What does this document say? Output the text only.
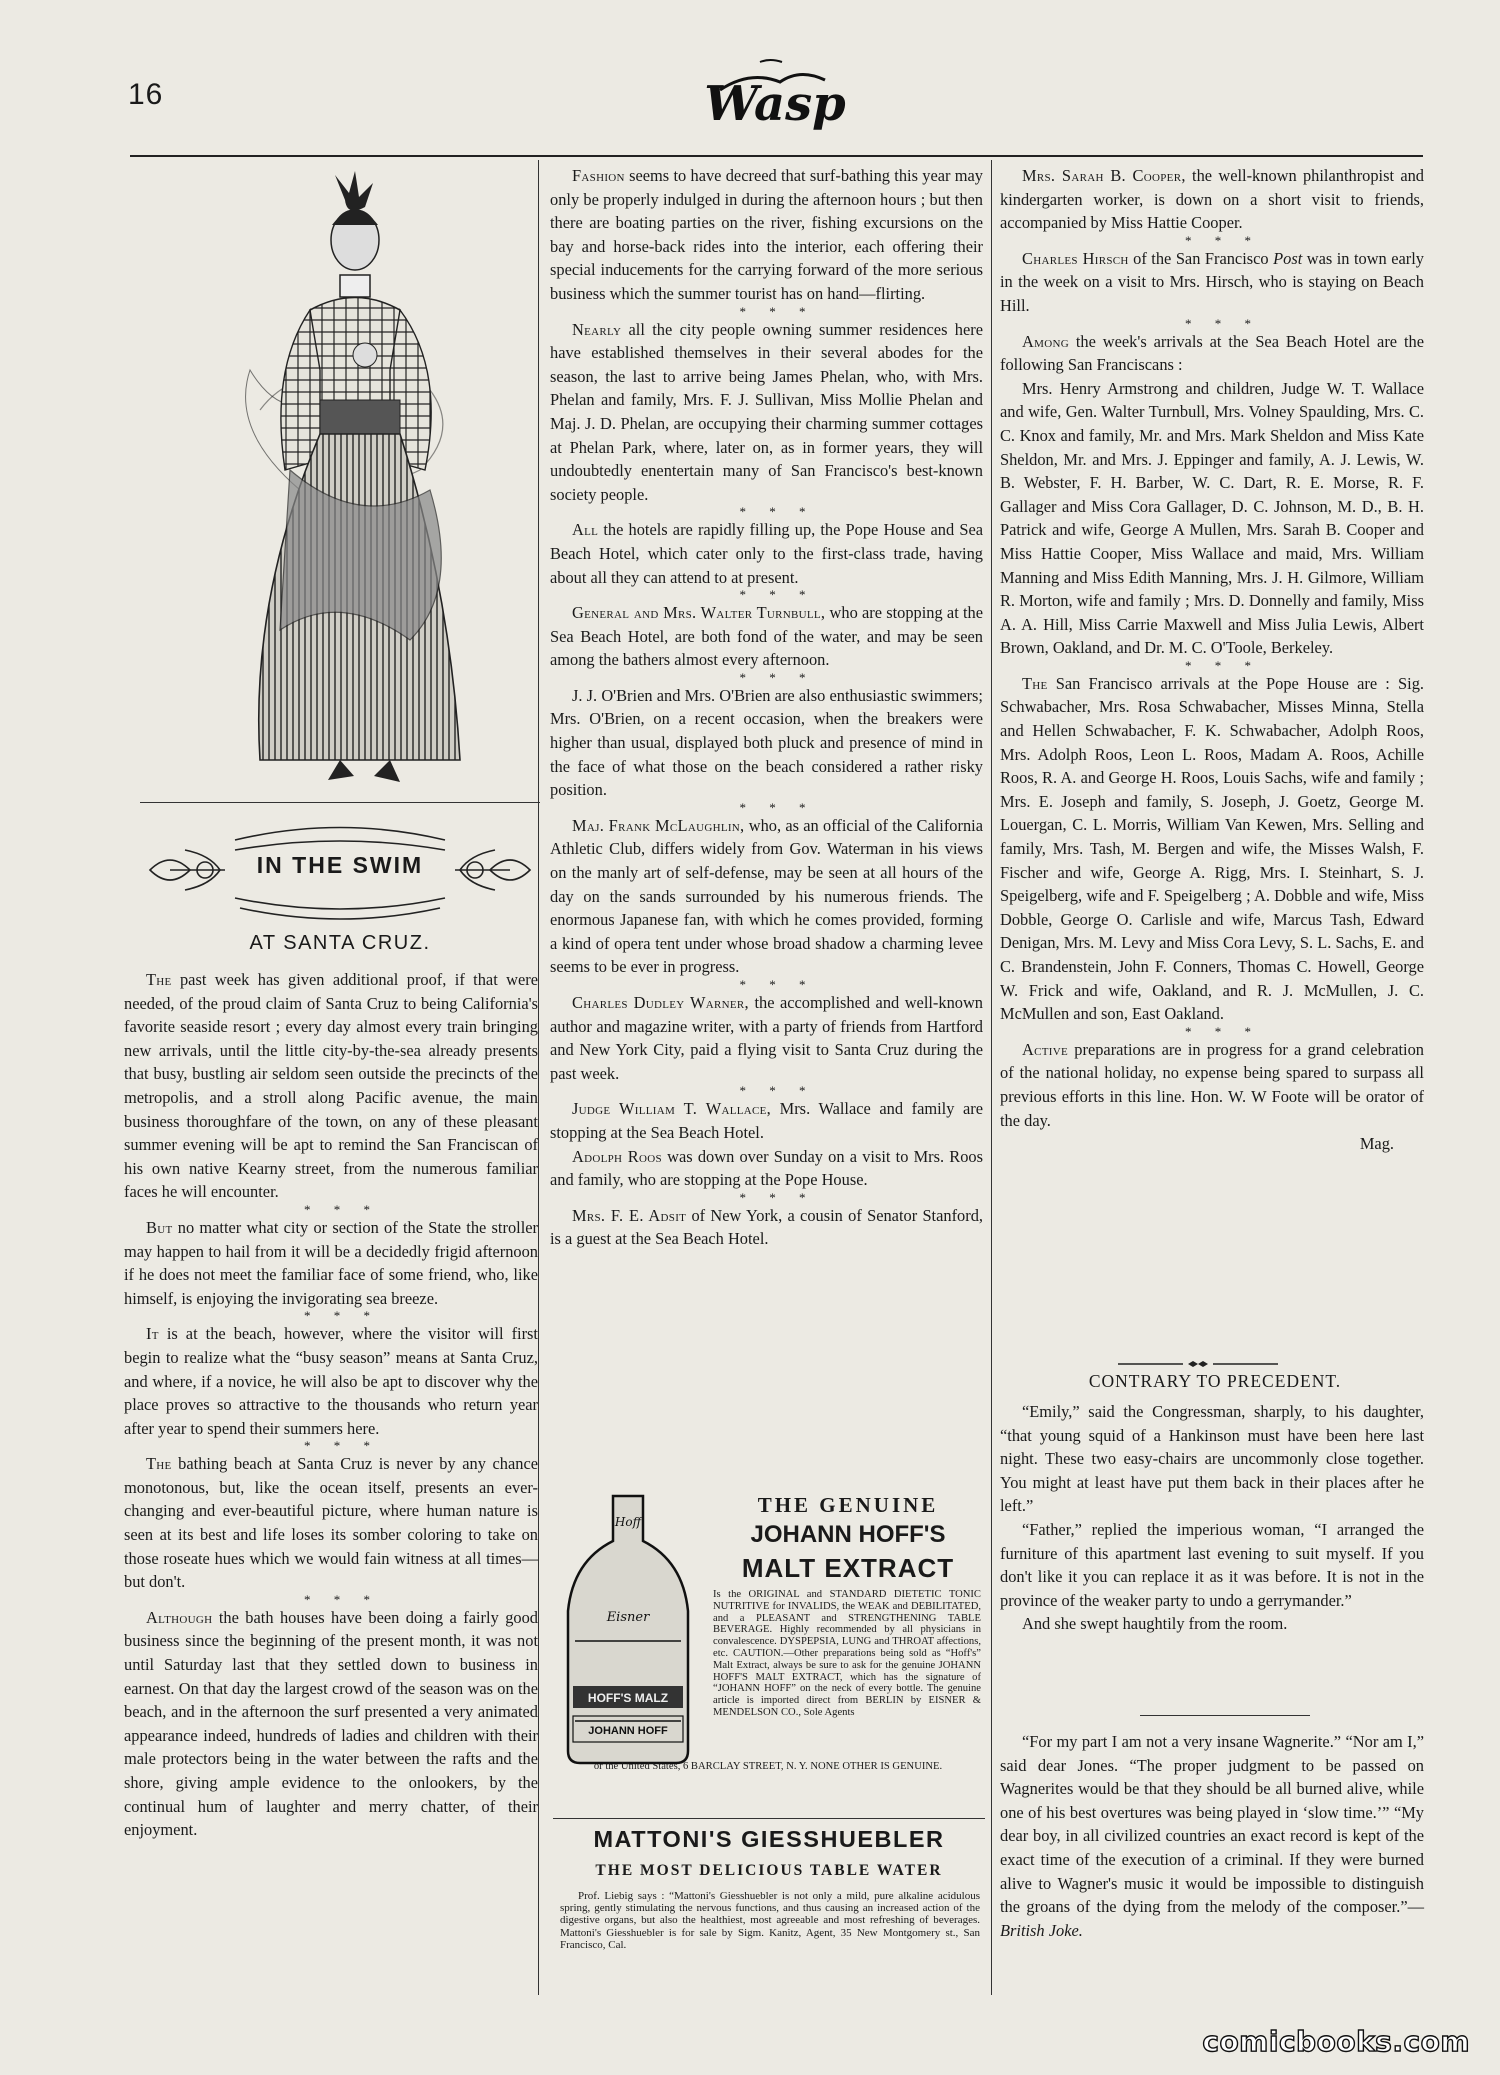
16	Wasp
IN THE SWIM
AT SANTA CRUZ.

The past week has given additional proof, if that were needed, of the proud claim of Santa Cruz to being California's favorite seaside resort ; every day almost every train bringing new arrivals, until the little city-by-the-sea already presents that busy, bustling air seldom seen outside the precincts of the metropolis, and a stroll along Pacific avenue, the main business thoroughfare of the town, on any of these pleasant summer evening will be apt to remind the San Franciscan of his own native Kearny street, from the numerous familiar faces he will encounter.

* * *

But no matter what city or section of the State the stroller may happen to hail from it will be a decidedly frigid afternoon if he does not meet the familiar face of some friend, who, like himself, is enjoying the invigorating sea breeze.

* * *

It is at the beach, however, where the visitor will first begin to realize what the “busy season” means at Santa Cruz, and where, if a novice, he will also be apt to discover why the place proves so attractive to the thousands who return year after year to spend their summers here.

* * *

The bathing beach at Santa Cruz is never by any chance monotonous, but, like the ocean itself, presents an ever-changing and ever-beautiful picture, where human nature is seen at its best and life loses its somber coloring to take on those roseate hues which we would fain witness at all times—but don't.

* * *

Although the bath houses have been doing a fairly good business since the beginning of the present month, it was not until Saturday last that they settled down to business in earnest. On that day the largest crowd of the season was on the beach, and in the afternoon the surf presented a very animated appearance indeed, hundreds of ladies and children with their male protectors being in the water between the rafts and the shore, giving ample evidence to the onlookers, by the continual hum of laughter and merry chatter, of their enjoyment.

Fashion seems to have decreed that surf-bathing this year may only be properly indulged in during the afternoon hours ; but then there are boating parties on the river, fishing excursions on the bay and horse-back rides into the interior, each offering their special inducements for the carrying forward of the more serious business which the summer tourist has on hand—flirting.

* * *

Nearly all the city people owning summer residences here have established themselves in their several abodes for the season, the last to arrive being James Phelan, who, with Mrs. Phelan and family, Mrs. F. J. Sullivan, Miss Mollie Phelan and Maj. J. D. Phelan, are occupying their charming summer cottages at Phelan Park, where, later on, as in former years, they will undoubtedly enentertain many of San Francisco's best-known society people.

* * *

All the hotels are rapidly filling up, the Pope House and Sea Beach Hotel, which cater only to the first-class trade, having about all they can attend to at present.

* * *

General and Mrs. Walter Turnbull, who are stopping at the Sea Beach Hotel, are both fond of the water, and may be seen among the bathers almost every afternoon.

* * *

J. J. O'Brien and Mrs. O'Brien are also enthusiastic swimmers; Mrs. O'Brien, on a recent occasion, when the breakers were higher than usual, displayed both pluck and presence of mind in the face of what those on the beach considered a rather risky position.

* * *

Maj. Frank McLaughlin, who, as an official of the California Athletic Club, differs widely from Gov. Waterman in his views on the manly art of self-defense, may be seen at all hours of the day on the sands surrounded by his numerous friends. The enormous Japanese fan, with which he comes provided, forming a kind of opera tent under whose broad shadow a charming levee seems to be ever in progress.

* * *

Charles Dudley Warner, the accomplished and well-known author and magazine writer, with a party of friends from Hartford and New York City, paid a flying visit to Santa Cruz during the past week.

* * *

Judge William T. Wallace, Mrs. Wallace and family are stopping at the Sea Beach Hotel.

Adolph Roos was down over Sunday on a visit to Mrs. Roos and family, who are stopping at the Pope House.

* * *

Mrs. F. E. Adsit of New York, a cousin of Senator Stanford, is a guest at the Sea Beach Hotel.

Hoff
Eisner
HOFF'S MALZ
JOHANN HOFF
THE GENUINE
JOHANN HOFF'S
MALT EXTRACT
Is the ORIGINAL and STANDARD DIETETIC TONIC NUTRITIVE for INVALIDS, the WEAK and DEBILITATED, and a PLEASANT and STRENGTHENING TABLE BEVERAGE. Highly recommended by all physicians in convalescence. DYSPEPSIA, LUNG and THROAT affections, etc. CAUTION.—Other preparations being sold as “Hoff's” Malt Extract, always be sure to ask for the genuine JOHANN HOFF'S MALT EXTRACT, which has the signature of “JOHANN HOFF” on the neck of every bottle. The genuine article is imported direct from BERLIN by EISNER & MENDELSON CO., Sole Agents
or the United States, 6 BARCLAY STREET, N. Y. NONE OTHER IS GENUINE.
MATTONI'S GIESSHUEBLER
THE MOST DELICIOUS TABLE WATER
Prof. Liebig says : “Mattoni's Giesshuebler is not only a mild, pure alkaline acidulous spring, gently stimulating the nervous functions, and thus causing an increased action of the digestive organs, but also the healthiest, most agreeable and most refreshing of beverages. Mattoni's Giesshuebler is for sale by Sigm. Kanitz, Agent, 35 New Montgomery st., San Francisco, Cal.

Mrs. Sarah B. Cooper, the well-known philanthropist and kindergarten worker, is down on a short visit to friends, accompanied by Miss Hattie Cooper.

* * *

Charles Hirsch of the San Francisco Post was in town early in the week on a visit to Mrs. Hirsch, who is staying on Beach Hill.

* * *

Among the week's arrivals at the Sea Beach Hotel are the following San Franciscans :

Mrs. Henry Armstrong and children, Judge W. T. Wallace and wife, Gen. Walter Turnbull, Mrs. Volney Spaulding, Mrs. C. C. Knox and family, Mr. and Mrs. Mark Sheldon and Miss Kate Sheldon, Mr. and Mrs. J. Eppinger and family, A. J. Lewis, W. B. Webster, F. H. Barber, W. C. Dart, R. E. Morse, R. F. Gallager and Miss Cora Gallager, D. C. Johnson, M. D., B. H. Patrick and wife, George A Mullen, Mrs. Sarah B. Cooper and Miss Hattie Cooper, Miss Wallace and maid, Mrs. William Manning and Miss Edith Manning, Mrs. J. H. Gilmore, William R. Morton, wife and family ; Mrs. D. Donnelly and family, Miss A. A. Hill, Miss Carrie Maxwell and Miss Julia Lewis, Albert Brown, Oakland, and Dr. M. C. O'Toole, Berkeley.

* * *

The San Francisco arrivals at the Pope House are : Sig. Schwabacher, Mrs. Rosa Schwabacher, Misses Minna, Stella and Hellen Schwabacher, F. K. Schwabacher, Adolph Roos, Mrs. Adolph Roos, Leon L. Roos, Madam A. Roos, Achille Roos, R. A. and George H. Roos, Louis Sachs, wife and family ; Mrs. E. Joseph and family, S. Joseph, J. Goetz, George M. Louergan, C. L. Morris, William Van Kewen, Mrs. Selling and family, Mrs. Tash, M. Bergen and wife, the Misses Walsh, F. Fischer and wife, George A. Rigg, Mrs. I. Steinhart, S. J. Speigelberg, wife and F. Speigelberg ; A. Dobble and wife, Miss Dobble, George O. Carlisle and wife, Marcus Tash, Edward Denigan, Mrs. M. Levy and Miss Cora Levy, S. L. Sachs, E. and C. Brandenstein, John F. Conners, Thomas C. Howell, George W. Frick and wife, Oakland, and R. J. McMullen, J. C. McMullen and son, East Oakland.

* * *

Active preparations are in progress for a grand celebration of the national holiday, no expense being spared to surpass all previous efforts in this line. Hon. W. W Foote will be orator of the day.

Mag.

CONTRARY TO PRECEDENT.

“Emily,” said the Congressman, sharply, to his daughter, “that young squid of a Hankinson must have been here last night. These two easy-chairs are uncommonly close together. You might at least have put them back in their places after he left.”

“Father,” replied the imperious woman, “I arranged the furniture of this apartment last evening to suit myself. If you don't like it you can replace it as it was before. It is not in the province of the weaker party to undo a gerrymander.”

And she swept haughtily from the room.

“For my part I am not a very insane Wagnerite.” “Nor am I,” said dear Jones. “The proper judgment to be passed on Wagnerites would be that they should be all burned alive, while one of his best overtures was being played in ‘slow time.’” “My dear boy, in all civilized countries an exact record is kept of the exact time of the execution of a criminal. If they were burned alive to Wagner's music it would be impossible to distinguish the groans of the dying from the melody of the composer.”—British Joke.

comicbooks.com
